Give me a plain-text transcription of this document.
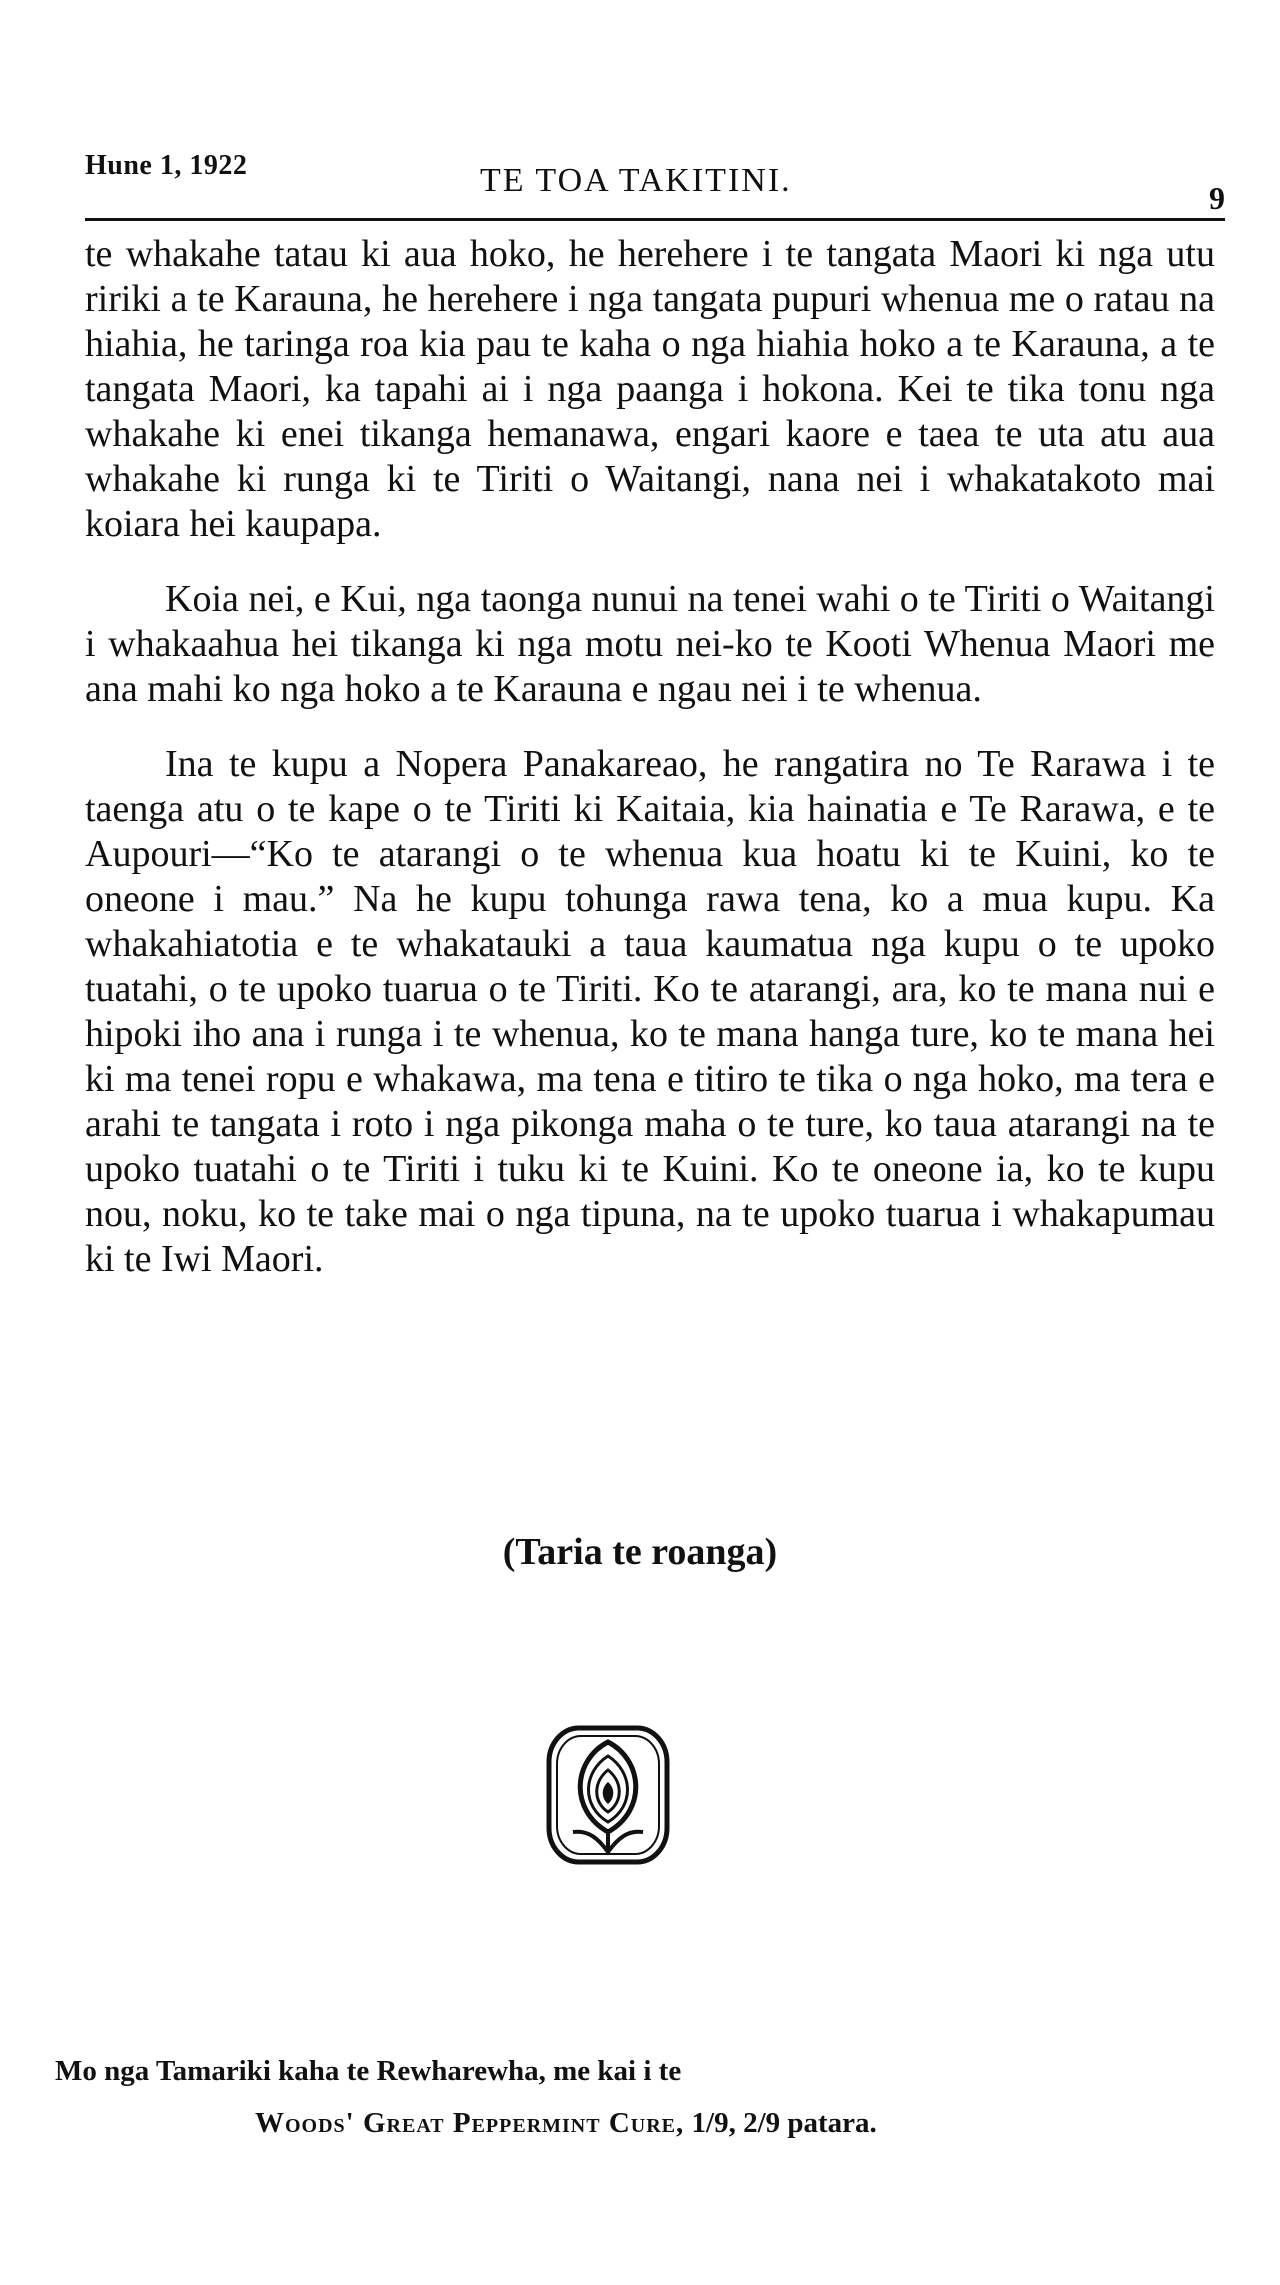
Hune 1, 1922	TE TOA TAKITINI.	9

te whakahe tatau ki aua hoko, he herehere i te tangata Maori ki nga utu ririki a te Karauna, he herehere i nga tangata pupuri whenua me o ratau na hiahia, he taringa roa kia pau te kaha o nga hiahia hoko a te Karauna, a te tangata Maori, ka tapahi ai i nga paanga i hokona. Kei te tika tonu nga whakahe ki enei tikanga hemanawa, engari kaore e taea te uta atu aua whakahe ki runga ki te Tiriti o Waitangi, nana nei i whakatakoto mai koiara hei kaupapa.

Koia nei, e Kui, nga taonga nunui na tenei wahi o te Tiriti o Waitangi i whakaahua hei tikanga ki nga motu nei-ko te Kooti Whenua Maori me ana mahi ko nga hoko a te Karauna e ngau nei i te whenua.

Ina te kupu a Nopera Panakareao, he rangatira no Te Rarawa i te taenga atu o te kape o te Tiriti ki Kaitaia, kia hainatia e Te Rarawa, e te Aupouri—“Ko te atarangi o te whenua kua hoatu ki te Kuini, ko te oneone i mau.” Na he kupu tohunga rawa tena, ko a mua kupu. Ka whakahiatotia e te whakatauki a taua kaumatua nga kupu o te upoko tuatahi, o te upoko tuarua o te Tiriti. Ko te atarangi, ara, ko te mana nui e hipoki iho ana i runga i te whenua, ko te mana hanga ture, ko te mana hei ki ma tenei ropu e whakawa, ma tena e titiro te tika o nga hoko, ma tera e arahi te tangata i roto i nga pikonga maha o te ture, ko taua atarangi na te upoko tuatahi o te Tiriti i tuku ki te Kuini. Ko te oneone ia, ko te kupu nou, noku, ko te take mai o nga tipuna, na te upoko tuarua i whakapumau ki te Iwi Maori.

(Taria te roanga)
Mo nga Tamariki kaha te Rewharewha, me kai i te
Woods' Great Peppermint Cure, 1/9, 2/9 patara.
